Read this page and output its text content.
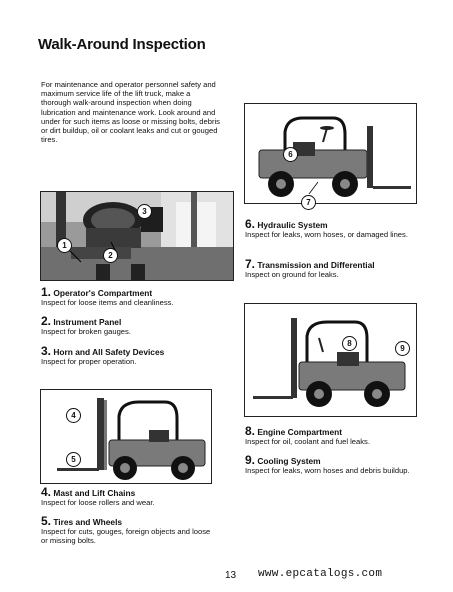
Walk-Around Inspection
For maintenance and operator personnel safety and maximum service life of the lift truck, make a thorough walk-around inspection when doing lubrication and maintenance work. Look around and under for such items as loose or missing bolts, debris or dirt buildup, oil or coolant leaks and cut or gouged tires.
3
1
2
6
7
6. Hydraulic System
Inspect for leaks, worn hoses, or damaged lines.
7. Transmission and Differential
Inspect on ground for leaks.
1. Operator's Compartment
Inspect for loose items and cleanliness.
2. Instrument Panel
Inspect for broken gauges.
3. Horn and All Safety Devices
Inspect for proper operation.
8
9
4
5
8. Engine Compartment
Inspect for oil, coolant and fuel leaks.
9. Cooling System
Inspect for leaks, worn hoses and debris buildup.
4. Mast and Lift Chains
Inspect for loose rollers and wear.
5. Tires and Wheels
Inspect for cuts, gouges, foreign objects and loose or missing bolts.
13 www.epcatalogs.com
